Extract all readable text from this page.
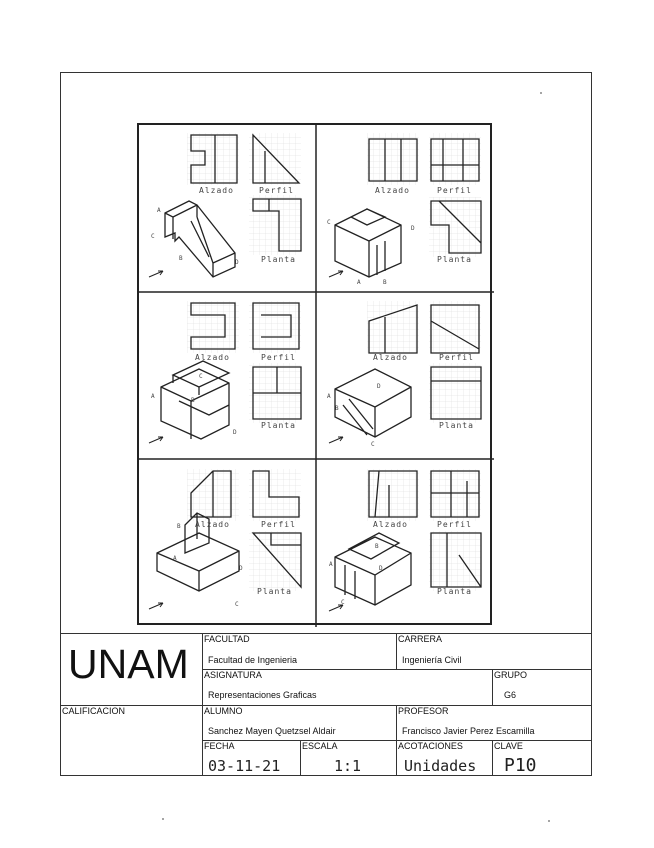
Alzado	Perfil
Planta
Alzado	Perfil
Planta
Alzado	Perfil
Planta
Alzado	Perfil
Planta
Alzado	Perfil
Planta
Alzado	Perfil
Planta
A
B
C
D
A	B
C
D
A
B
C
D
A
B
C
D
A
B
C
D
A
B
C
D
UNAM
FACULTAD
Facultad de Ingenieria
CARRERA
Ingeniería Civil
ASIGNATURA
Representaciones Graficas
GRUPO
G6
CALIFICACION	ALUMNO
Sanchez Mayen Quetzsel Aldair
PROFESOR
Francisco Javier Perez Escamilla
FECHA
03-11-21
ESCALA
1:1
ACOTACIONES
Unidades
CLAVE
P10
